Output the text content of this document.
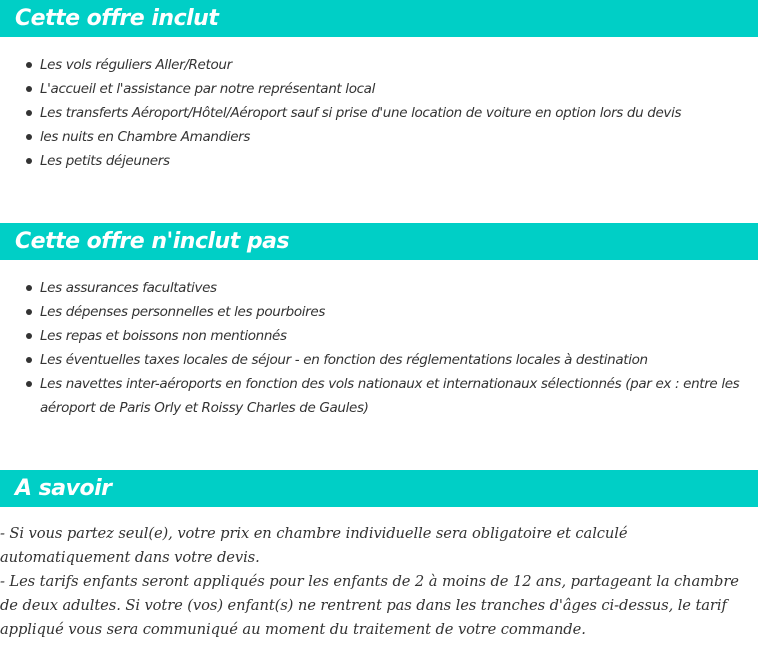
Cette offre inclut
Les vols réguliers Aller/Retour
L'accueil et l'assistance par notre représentant local
Les transferts Aéroport/Hôtel/Aéroport sauf si prise d'une location de voiture en option lors du devis
les nuits en Chambre Amandiers
Les petits déjeuners
Cette offre n'inclut pas
Les assurances facultatives
Les dépenses personnelles et les pourboires
Les repas et boissons non mentionnés
Les éventuelles taxes locales de séjour - en fonction des réglementations locales à destination
Les navettes inter-aéroports en fonction des vols nationaux et internationaux sélectionnés (par ex : entre les aéroport de Paris Orly et Roissy Charles de Gaules)
A savoir

- Si vous partez seul(e), votre prix en chambre individuelle sera obligatoire et calculé automatiquement dans votre devis.

- Les tarifs enfants seront appliqués pour les enfants de 2 à moins de 12 ans, partageant la chambre de deux adultes. Si votre (vos) enfant(s) ne rentrent pas dans les tranches d'âges ci-dessus, le tarif appliqué vous sera communiqué au moment du traitement de votre commande.
